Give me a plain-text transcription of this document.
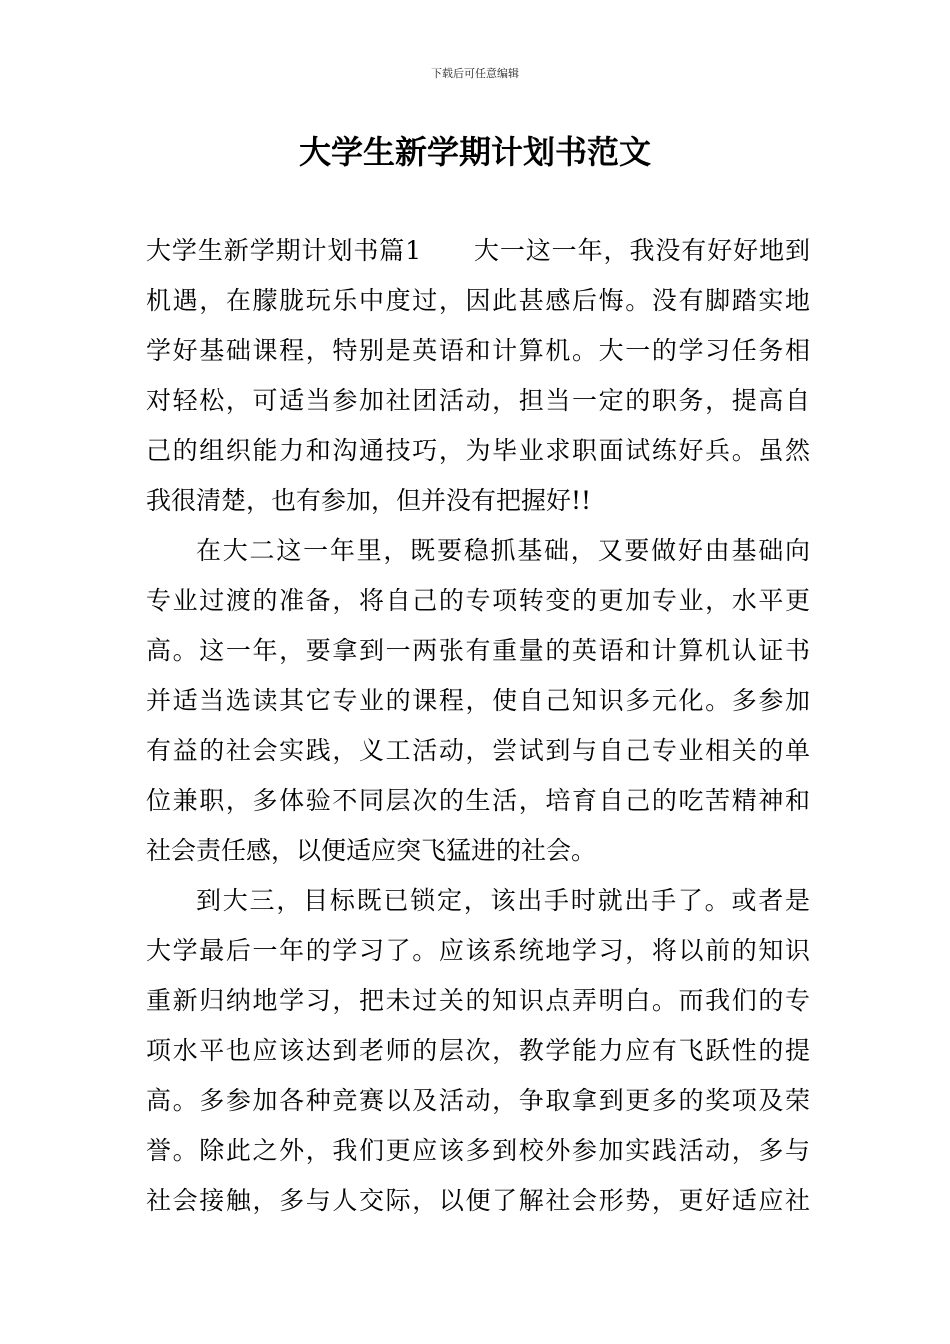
下载后可任意编辑
大学生新学期计划书范文
大学生新学期计划书篇1　　大一这一年，我没有好好地到
机遇，在朦胧玩乐中度过，因此甚感后悔。没有脚踏实地
学好基础课程，特别是英语和计算机。大一的学习任务相
对轻松，可适当参加社团活动，担当一定的职务，提高自
己的组织能力和沟通技巧，为毕业求职面试练好兵。虽然
我很清楚，也有参加，但并没有把握好!!
在大二这一年里，既要稳抓基础，又要做好由基础向
专业过渡的准备，将自己的专项转变的更加专业，水平更
高。这一年，要拿到一两张有重量的英语和计算机认证书
并适当选读其它专业的课程，使自己知识多元化。多参加
有益的社会实践，义工活动，尝试到与自己专业相关的单
位兼职，多体验不同层次的生活，培育自己的吃苦精神和
社会责任感，以便适应突飞猛进的社会。
到大三，目标既已锁定，该出手时就出手了。或者是
大学最后一年的学习了。应该系统地学习，将以前的知识
重新归纳地学习，把未过关的知识点弄明白。而我们的专
项水平也应该达到老师的层次，教学能力应有飞跃性的提
高。多参加各种竞赛以及活动，争取拿到更多的奖项及荣
誉。除此之外，我们更应该多到校外参加实践活动，多与
社会接触，多与人交际，以便了解社会形势，更好适应社
